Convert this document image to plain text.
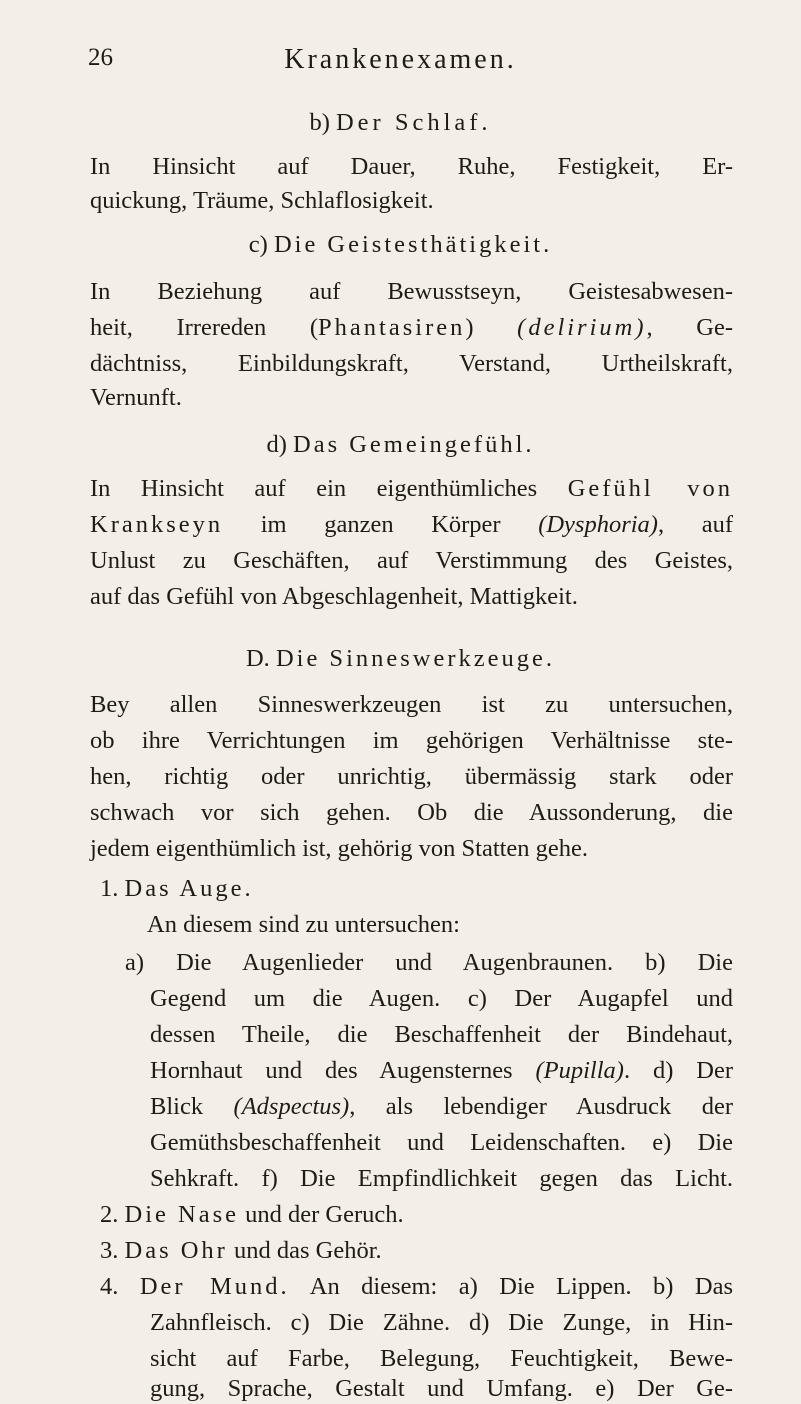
26	Krankenexamen.
b) Der Schlaf.
In Hinsicht auf Dauer, Ruhe, Festigkeit, Er-
quickung, Träume, Schlaflosigkeit.
c) Die Geistesthätigkeit.
In Beziehung auf Bewusstseyn, Geistesabwesen-
heit, Irrereden (Phantasiren) (delirium), Ge-
dächtniss, Einbildungskraft, Verstand, Urtheilskraft,
Vernunft.
d) Das Gemeingefühl.
In Hinsicht auf ein eigenthümliches Gefühl von
Krankseyn im ganzen Körper (Dysphoria), auf
Unlust zu Geschäften, auf Verstimmung des Geistes,
auf das Gefühl von Abgeschlagenheit, Mattigkeit.
D. Die Sinneswerkzeuge.
Bey allen Sinneswerkzeugen ist zu untersuchen,
ob ihre Verrichtungen im gehörigen Verhältnisse ste-
hen, richtig oder unrichtig, übermässig stark oder
schwach vor sich gehen. Ob die Aussonderung, die
jedem eigenthümlich ist, gehörig von Statten gehe.
1. Das Auge.
An diesem sind zu untersuchen:
a) Die Augenlieder und Augenbraunen. b) Die
Gegend um die Augen. c) Der Augapfel und
dessen Theile, die Beschaffenheit der Bindehaut,
Hornhaut und des Augensternes (Pupilla). d) Der
Blick (Adspectus), als lebendiger Ausdruck der
Gemüthsbeschaffenheit und Leidenschaften. e) Die
Sehkraft. f) Die Empfindlichkeit gegen das Licht.
2. Die Nase und der Geruch.
3. Das Ohr und das Gehör.
4. Der Mund. An diesem: a) Die Lippen. b) Das
Zahnfleisch. c) Die Zähne. d) Die Zunge, in Hin-
sicht auf Farbe, Belegung, Feuchtigkeit, Bewe-
gung, Sprache, Gestalt und Umfang. e) Der Ge-
